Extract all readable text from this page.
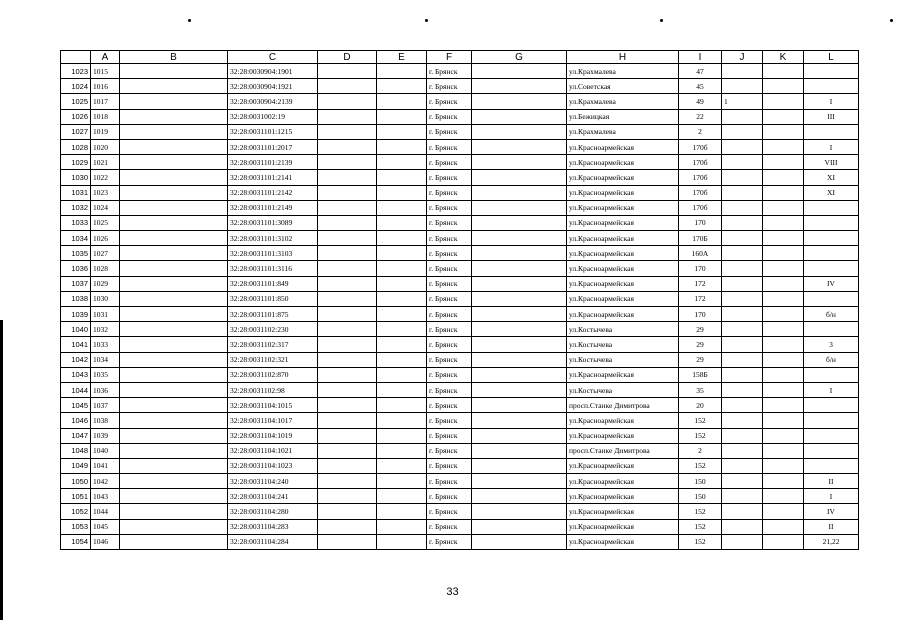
	A	B	C	D	E	F	G	H	I	J	K	L
1023	1015		32:28:0030904:1901			г. Брянск		ул.Крахмалева	47			
1024	1016		32:28:0030904:1921			г. Брянск		ул.Советская	45			
1025	1017		32:28:0030904:2139			г. Брянск		ул.Крахмалева	49	1		I
1026	1018		32:28:0031002:19			г. Брянск		ул.Бежицкая	22			III
1027	1019		32:28:0031101:1215			г. Брянск		ул.Крахмалева	2			
1028	1020		32:28:0031101:2017			г. Брянск		ул.Красноармейская	170б			I
1029	1021		32:28:0031101:2139			г. Брянск		ул.Красноармейская	170б			VIII
1030	1022		32:28:0031101:2141			г. Брянск		ул.Красноармейская	170б			XI
1031	1023		32:28:0031101:2142			г. Брянск		ул.Красноармейская	170б			XI
1032	1024		32:28:0031101:2149			г. Брянск		ул.Красноармейская	170б			
1033	1025		32:28:0031101:3089			г. Брянск		ул.Красноармейская	170			
1034	1026		32:28:0031101:3102			г. Брянск		ул.Красноармейская	170Б			
1035	1027		32:28:0031101:3103			г. Брянск		ул.Красноармейская	160А			
1036	1028		32:28:0031101:3116			г. Брянск		ул.Красноармейская	170			
1037	1029		32:28:0031101:849			г. Брянск		ул.Красноармейская	172			IV
1038	1030		32:28:0031101:850			г. Брянск		ул.Красноармейская	172			
1039	1031		32:28:0031101:875			г. Брянск		ул.Красноармейская	170			б/н
1040	1032		32:28:0031102:230			г. Брянск		ул.Костычева	29			
1041	1033		32:28:0031102:317			г. Брянск		ул.Костычева	29			3
1042	1034		32:28:0031102:321			г. Брянск		ул.Костычева	29			б/н
1043	1035		32:28:0031102:870			г. Брянск		ул.Красноармейская	158Б			
1044	1036		32:28:0031102:98			г. Брянск		ул.Костычева	35			I
1045	1037		32:28:0031104:1015			г. Брянск		просп.Станке Димитрова	20			
1046	1038		32:28:0031104:1017			г. Брянск		ул.Красноармейская	152			
1047	1039		32:28:0031104:1019			г. Брянск		ул.Красноармейская	152			
1048	1040		32:28:0031104:1021			г. Брянск		просп.Станке Димитрова	2			
1049	1041		32:28:0031104:1023			г. Брянск		ул.Красноармейская	152			
1050	1042		32:28:0031104:240			г. Брянск		ул.Красноармейская	150			II
1051	1043		32:28:0031104:241			г. Брянск		ул.Красноармейская	150			I
1052	1044		32:28:0031104:280			г. Брянск		ул.Красноармейская	152			IV
1053	1045		32:28:0031104:283			г. Брянск		ул.Красноармейская	152			II
1054	1046		32:28:0031104:284			г. Брянск		ул.Красноармейская	152			21,22
33
